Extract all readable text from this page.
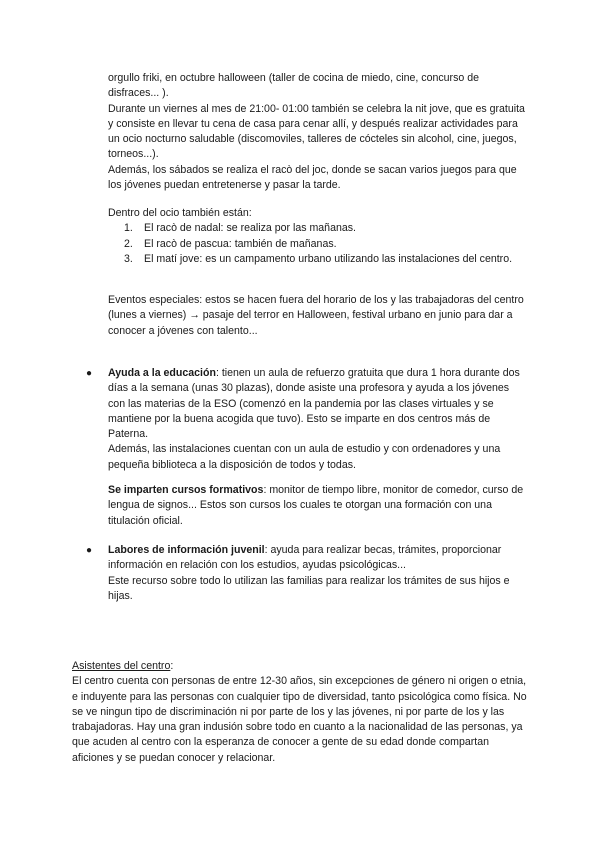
orgullo friki, en octubre halloween (taller de cocina de miedo, cine, concurso de disfraces... ).

Durante un viernes al mes de 21:00- 01:00 también se celebra la nit jove, que es gratuita y consiste en llevar tu cena de casa para cenar allí, y después realizar actividades para un ocio nocturno saludable (discomoviles, talleres de cócteles sin alcohol, cine, juegos, torneos...).

Además, los sábados se realiza el racò del joc, donde se sacan varios juegos para que los jóvenes puedan entretenerse y pasar la tarde.

Dentro del ocio también están:

1. El racò de nadal: se realiza por las mañanas.
2. El racò de pascua: también de mañanas.
3. El matí jove: es un campamento urbano utilizando las instalaciones del centro.

Eventos especiales: estos se hacen fuera del horario de los y las trabajadoras del centro (lunes a viernes) → pasaje del terror en Halloween, festival urbano en junio para dar a conocer a jóvenes con talento...

● Ayuda a la educación: tienen un aula de refuerzo gratuita que dura 1 hora durante dos días a la semana (unas 30 plazas), donde asiste una profesora y ayuda a los jóvenes con las materias de la ESO (comenzó en la pandemia por las clases virtuales y se mantiene por la buena acogida que tuvo). Esto se imparte en dos centros más de Paterna.

Además, las instalaciones cuentan con un aula de estudio y con ordenadores y una pequeña biblioteca a la disposición de todos y todas.

Se imparten cursos formativos: monitor de tiempo libre, monitor de comedor, curso de lengua de signos... Estos son cursos los cuales te otorgan una formación con una titulación oficial.

● Labores de información juvenil: ayuda para realizar becas, trámites, proporcionar información en relación con los estudios, ayudas psicológicas...

Este recurso sobre todo lo utilizan las familias para realizar los trámites de sus hijos e hijas.

Asistentes del centro:

El centro cuenta con personas de entre 12-30 años, sin excepciones de género ni origen o etnia, e induyente para las personas con cualquier tipo de diversidad, tanto psicológica como física. No se ve ningun tipo de discriminación ni por parte de los y las jóvenes, ni por parte de los y las trabajadoras. Hay una gran indusión sobre todo en cuanto a la nacionalidad de las personas, ya que acuden al centro con la esperanza de conocer a gente de su edad donde compartan aficiones y se puedan conocer y relacionar.
